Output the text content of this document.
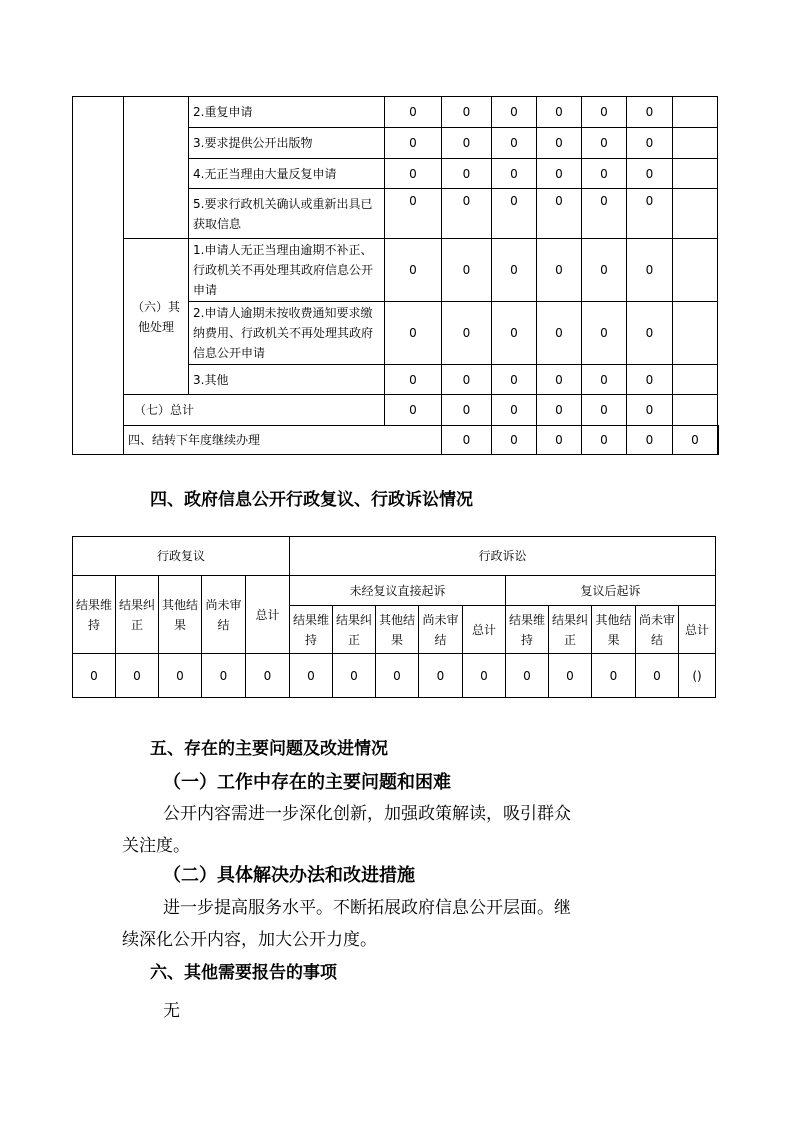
		2.重复申请	0	0	0	0	0	0		
		3.要求提供公开出版物	0	0	0	0	0	0		
		4.无正当理由大量反复申请	0	0	0	0	0	0		
		5.要求行政机关确认或重新出具已获取信息	0	0	0	0	0	0		
	（六）其他处理	1.申请人无正当理由逾期不补正、行政机关不再处理其政府信息公开申请	0	0	0	0	0	0		
		2.申请人逾期未按收费通知要求缴纳费用、行政机关不再处理其政府信息公开申请	0	0	0	0	0	0		
		3.其他	0	0	0	0	0	0		
	（七）总计		0	0	0	0	0	0		
	四、结转下年度继续办理			0	0	0	0	0	0	
四、政府信息公开行政复议、行政诉讼情况
行政复议					行政诉讼									
结果维持	结果纠正	其他结果	尚未审结	总计	未经复议直接起诉					复议后起诉				
					结果维持	结果纠正	其他结果	尚未审结	总计	结果维持	结果纠正	其他结果	尚未审结	总计
0	0	0	0	0	0	0	0	0	0	0	0	0	0	()
五、存在的主要问题及改进情况
（一）工作中存在的主要问题和困难
公开内容需进一步深化创新，加强政策解读，吸引群众
关注度。
（二）具体解决办法和改进措施
进一步提高服务水平。不断拓展政府信息公开层面。继
续深化公开内容，加大公开力度。
六、其他需要报告的事项
无
